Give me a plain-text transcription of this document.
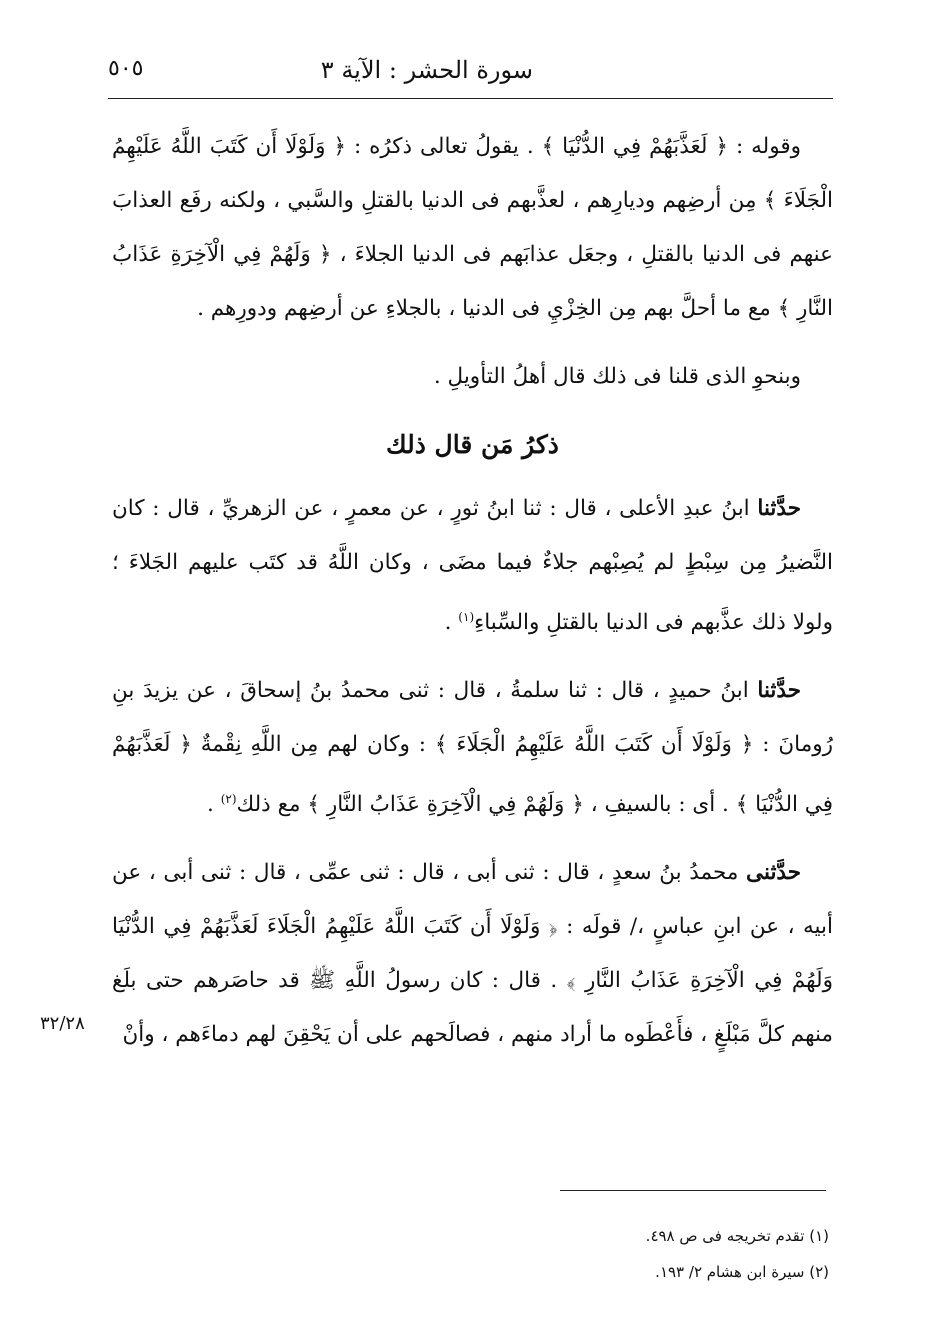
سورة الحشر : الآية ٣
٥٠٥

وقوله : ﴿ لَعَذَّبَهُمْ فِي الدُّنْيَا ﴾ . يقولُ تعالى ذكرُه : ﴿ وَلَوْلَا أَن كَتَبَ اللَّهُ عَلَيْهِمُ الْجَلَاءَ ﴾ مِن أرضِهم وديارِهم ، لعذَّبهم فى الدنيا بالقتلِ والسَّبي ، ولكنه رفَع العذابَ عنهم فى الدنيا بالقتلِ ، وجعَل عذابَهم فى الدنيا الجلاءَ ، ﴿ وَلَهُمْ فِي الْآخِرَةِ عَذَابُ النَّارِ ﴾ مع ما أحلَّ بهم مِن الخِزْيِ فى الدنيا ، بالجلاءِ عن أرضِهم ودورِهم .

وبنحوِ الذى قلنا فى ذلك قال أهلُ التأويلِ .

ذكرُ مَن قال ذلك

حدَّثنا ابنُ عبدِ الأعلى ، قال : ثنا ابنُ ثورٍ ، عن معمرٍ ، عن الزهريِّ ، قال : كان النَّضيرُ مِن سِبْطٍ لم يُصِبْهم جلاءٌ فيما مضَى ، وكان اللَّهُ قد كتَب عليهم الجَلاءَ ؛ ولولا ذلك عذَّبهم فى الدنيا بالقتلِ والسِّباءِ$^{(١)}$ .

حدَّثنا ابنُ حميدٍ ، قال : ثنا سلمةُ ، قال : ثنى محمدُ بنُ إسحاقَ ، عن يزيدَ بنِ رُومانَ : ﴿ وَلَوْلَا أَن كَتَبَ اللَّهُ عَلَيْهِمُ الْجَلَاءَ ﴾ : وكان لهم مِن اللَّهِ نِقْمةٌ ﴿ لَعَذَّبَهُمْ فِي الدُّنْيَا ﴾ . أى : بالسيفِ ، ﴿ وَلَهُمْ فِي الْآخِرَةِ عَذَابُ النَّارِ ﴾ مع ذلك$^{(٢)}$ .

حدَّثنى محمدُ بنُ سعدٍ ، قال : ثنى أبى ، قال : ثنى عمِّى ، قال : ثنى أبى ، عن أبيه ، عن ابنِ عباسٍ ،/ قولَه : ﴿ وَلَوْلَا أَن كَتَبَ اللَّهُ عَلَيْهِمُ الْجَلَاءَ لَعَذَّبَهُمْ فِي الدُّنْيَا وَلَهُمْ فِي الْآخِرَةِ عَذَابُ النَّارِ ﴾ . قال : كان رسولُ اللَّهِ ﷺ قد حاصَرهم حتى بلَغ منهم كلَّ مَبْلَغٍ ، فأَعْطَوه ما أراد منهم ، فصالَحهم على أن يَحْقِنَ لهم دماءَهم ، وأنْ

٣٢/٢٨
(١) تقدم تخريجه فى ص ٤٩٨.
(٢) سيرة ابن هشام ٢/ ١٩٣.
